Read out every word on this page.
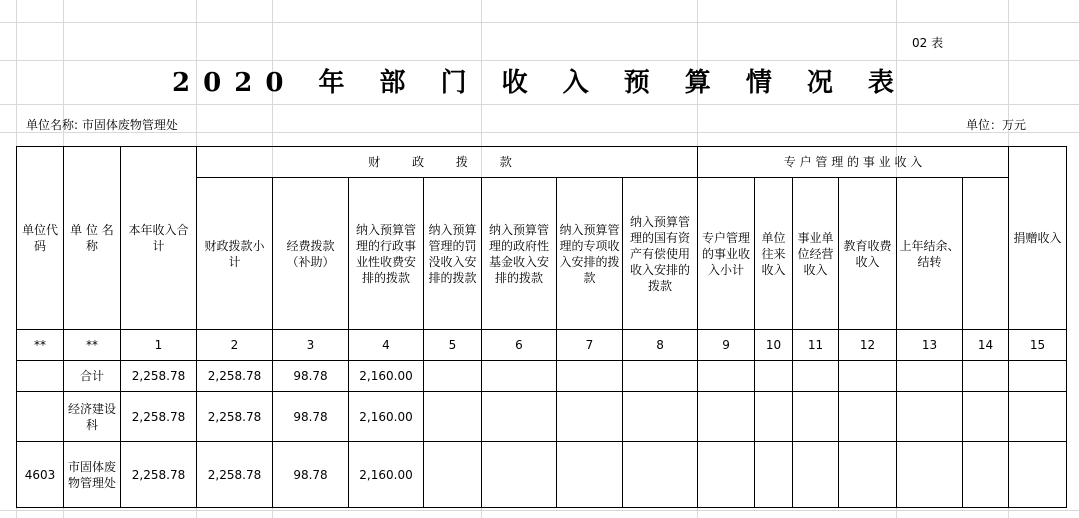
02 表
2020 年 部 门 收 入 预 算 情 况 表
单位名称: 市固体废物管理处	单位：万元
单位代码	单 位 名 称	本年收入合计	财 政 拨 款							专 户 管 理 的 事 业 收 入						捐赠收入	
			财政拨款小计	经费拨款（补助）	纳入预算管理的行政事业性收费安排的拨款	纳入预算管理的罚没收入安排的拨款	纳入预算管理的政府性基金收入安排的拨款	纳入预算管理的专项收入安排的拨款	纳入预算管理的国有资产有偿使用收入安排的拨款	专户管理的事业收入小计	单位往来收入	事业单位经营收入	教育收费收入	上年结余、结转			
**	**	1	2	3	4	5	6	7	8	9	10	11	12	13	14	15	
	合计	2,258.78	2,258.78	98.78	2,160.00												
	经济建设科	2,258.78	2,258.78	98.78	2,160.00												
4603	市固体废物管理处	2,258.78	2,258.78	98.78	2,160.00												
